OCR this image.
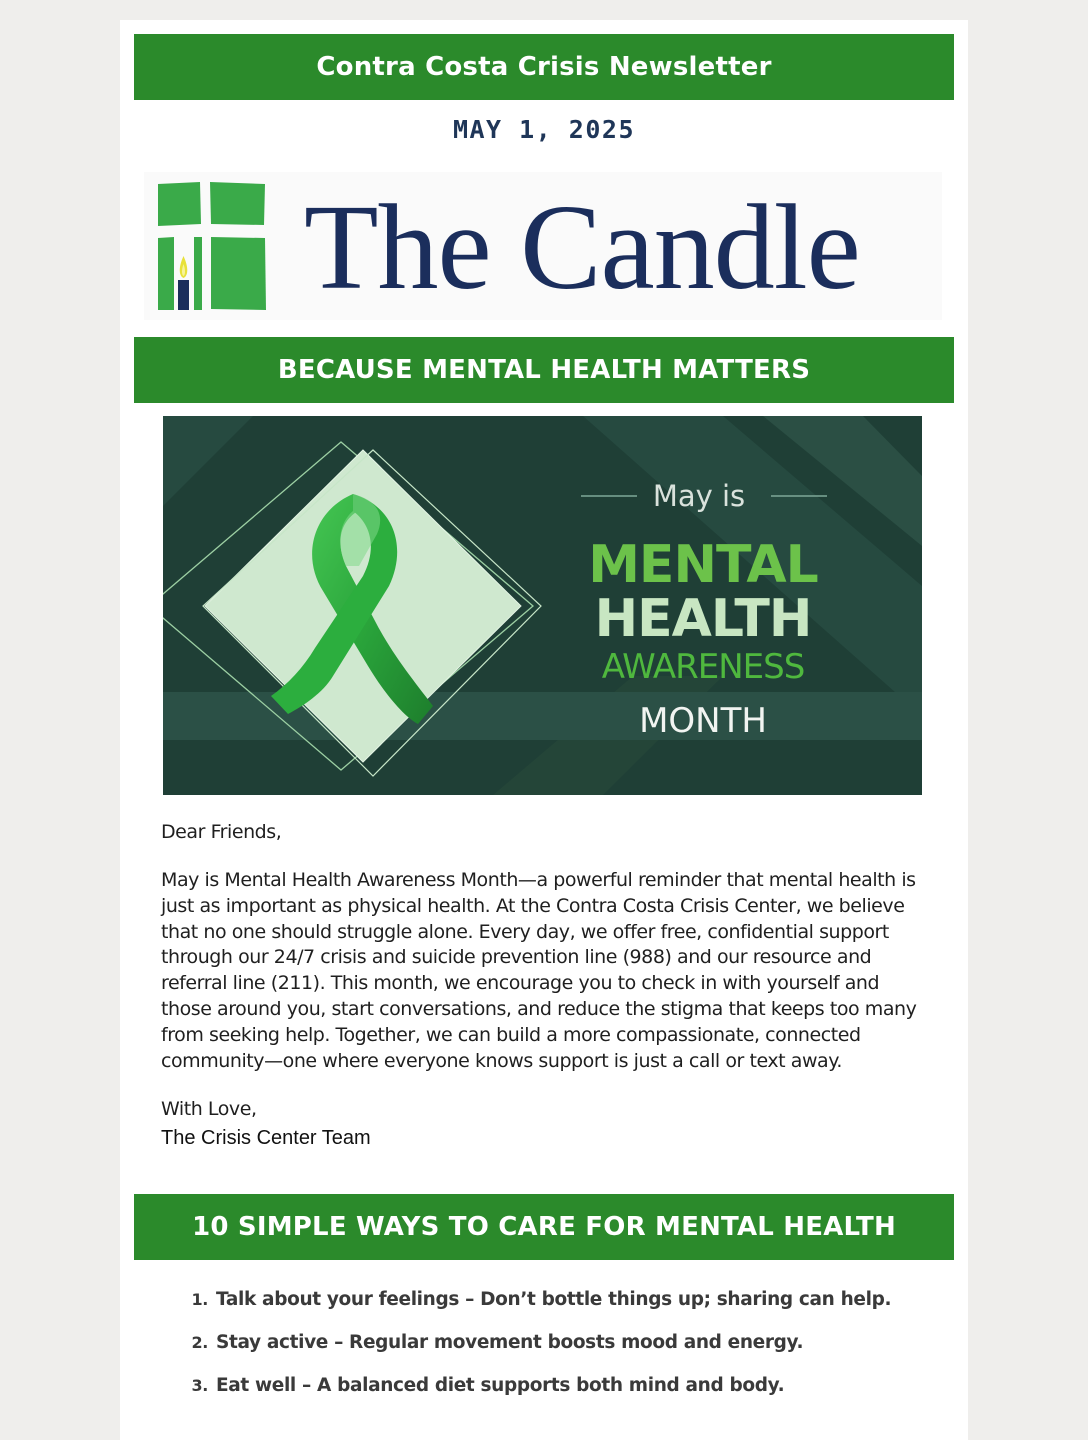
Contra Costa Crisis Newsletter
MAY 1, 2025
The Candle
BECAUSE MENTAL HEALTH MATTERS
May is
MENTAL
HEALTH
AWARENESS
MONTH
Dear Friends,
May is Mental Health Awareness Month—a powerful reminder that mental health is just as important as physical health. At the Contra Costa Crisis Center, we believe that no one should struggle alone. Every day, we offer free, confidential support through our 24/7 crisis and suicide prevention line (988) and our resource and referral line (211). This month, we encourage you to check in with yourself and those around you, start conversations, and reduce the stigma that keeps too many from seeking help. Together, we can build a more compassionate, connected community—one where everyone knows support is just a call or text away.
With Love,
The Crisis Center Team
10 SIMPLE WAYS TO CARE FOR MENTAL HEALTH
1. Talk about your feelings – Don’t bottle things up; sharing can help.
2. Stay active – Regular movement boosts mood and energy.
3. Eat well – A balanced diet supports both mind and body.
